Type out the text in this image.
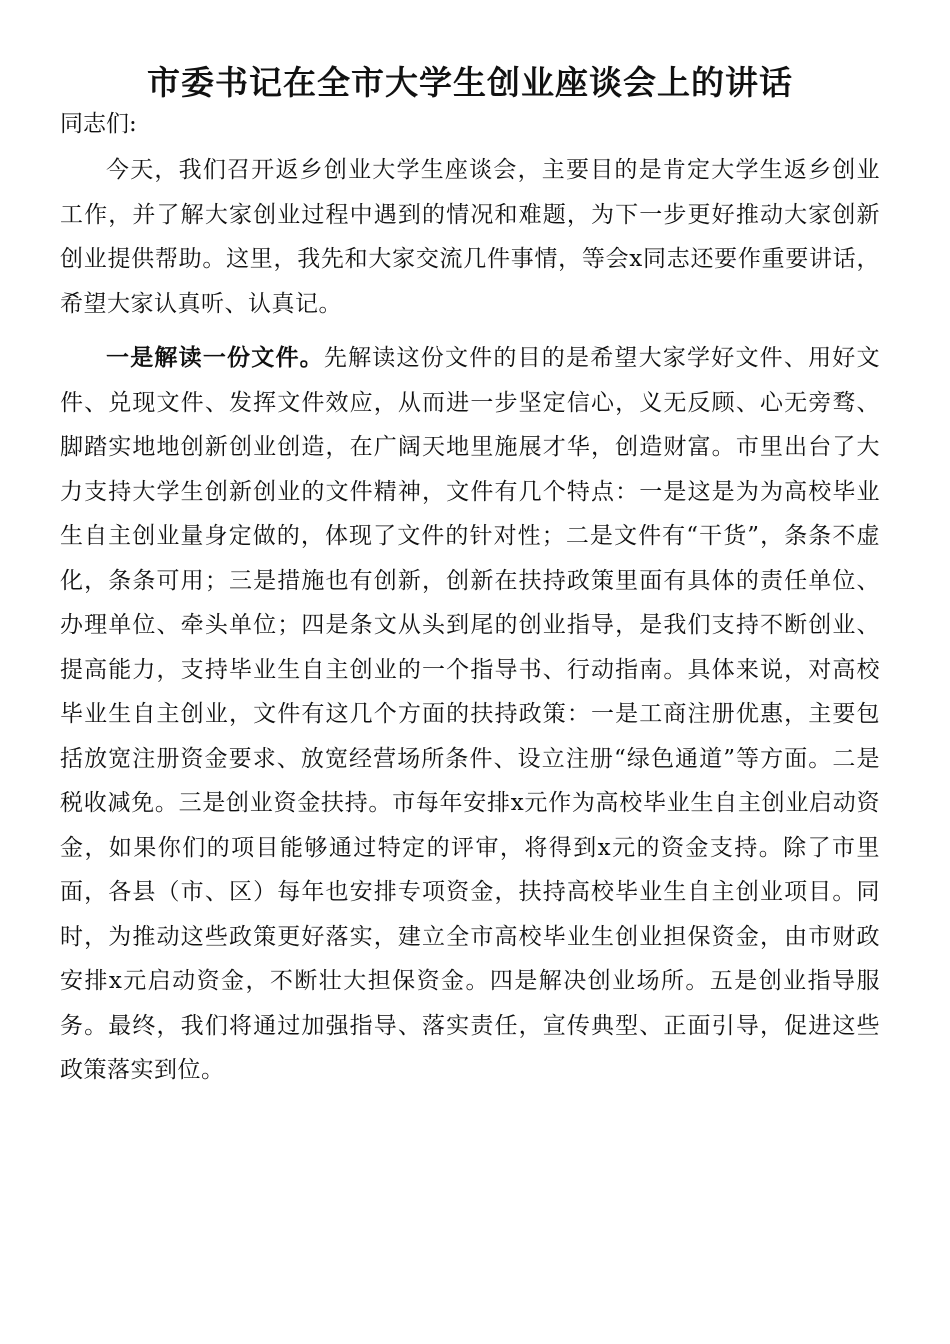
市委书记在全市大学生创业座谈会上的讲话

同志们:

今天，我们召开返乡创业大学生座谈会，主要目的是肯定大学生返乡创业工作，并了解大家创业过程中遇到的情况和难题，为下一步更好推动大家创新创业提供帮助。这里，我先和大家交流几件事情，等会x同志还要作重要讲话，希望大家认真听、认真记。

一是解读一份文件。先解读这份文件的目的是希望大家学好文件、用好文件、兑现文件、发挥文件效应，从而进一步坚定信心，义无反顾、心无旁骛、脚踏实地地创新创业创造，在广阔天地里施展才华，创造财富。市里出台了大力支持大学生创新创业的文件精神，文件有几个特点：一是这是为为高校毕业生自主创业量身定做的，体现了文件的针对性；二是文件有“干货”，条条不虚化，条条可用；三是措施也有创新，创新在扶持政策里面有具体的责任单位、办理单位、牵头单位；四是条文从头到尾的创业指导，是我们支持不断创业、提高能力，支持毕业生自主创业的一个指导书、行动指南。具体来说，对高校毕业生自主创业，文件有这几个方面的扶持政策：一是工商注册优惠，主要包括放宽注册资金要求、放宽经营场所条件、设立注册“绿色通道”等方面。二是税收减免。三是创业资金扶持。市每年安排x元作为高校毕业生自主创业启动资金，如果你们的项目能够通过特定的评审，将得到x元的资金支持。除了市里面，各县（市、区）每年也安排专项资金，扶持高校毕业生自主创业项目。同时，为推动这些政策更好落实，建立全市高校毕业生创业担保资金，由市财政安排x元启动资金，不断壮大担保资金。四是解决创业场所。五是创业指导服务。最终，我们将通过加强指导、落实责任，宣传典型、正面引导，促进这些政策落实到位。
